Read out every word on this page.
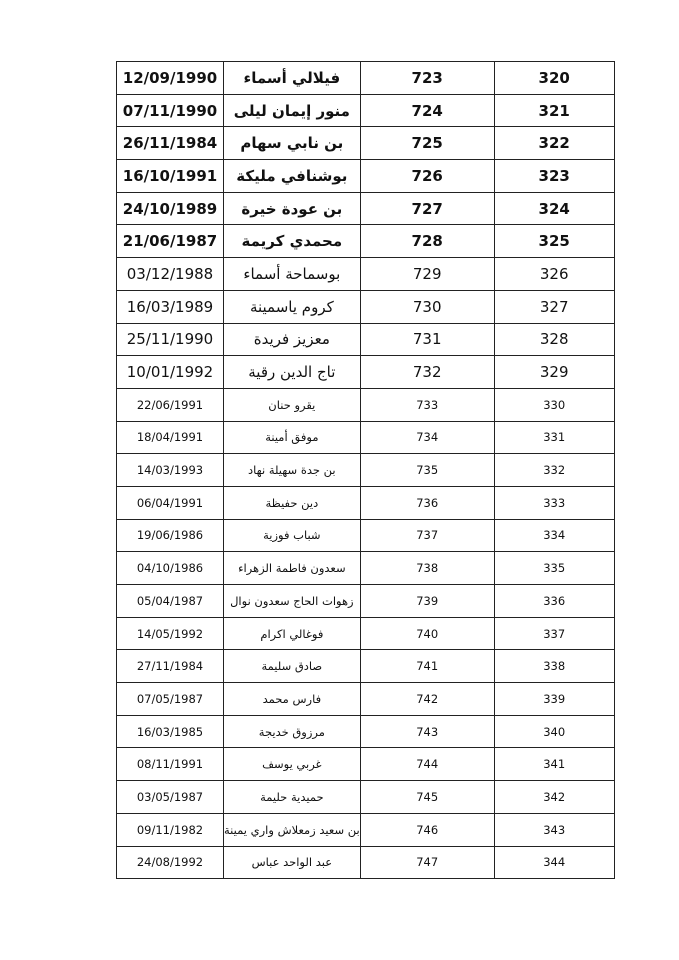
12/09/1990	فيلالي أسماء	723	320
07/11/1990	منور إيمان ليلى	724	321
26/11/1984	بن نابي سهام	725	322
16/10/1991	بوشنافي مليكة	726	323
24/10/1989	بن عودة خيرة	727	324
21/06/1987	محمدي كريمة	728	325
03/12/1988	بوسماحة أسماء	729	326
16/03/1989	كروم ياسمينة	730	327
25/11/1990	معزيز فريدة	731	328
10/01/1992	تاج الدين رقية	732	329
22/06/1991	يقرو حنان	733	330
18/04/1991	موفق أمينة	734	331
14/03/1993	بن جدة سهيلة نهاد	735	332
06/04/1991	دين حفيظة	736	333
19/06/1986	شباب فوزية	737	334
04/10/1986	سعدون فاطمة الزهراء	738	335
05/04/1987	زهوات الحاج سعدون نوال	739	336
14/05/1992	فوغالي اكرام	740	337
27/11/1984	صادق سليمة	741	338
07/05/1987	فارس محمد	742	339
16/03/1985	مرزوق خديجة	743	340
08/11/1991	غربي يوسف	744	341
03/05/1987	حميدية حليمة	745	342
09/11/1982	بن سعيد زمعلاش واري يمينة	746	343
24/08/1992	عبد الواحد عباس	747	344
